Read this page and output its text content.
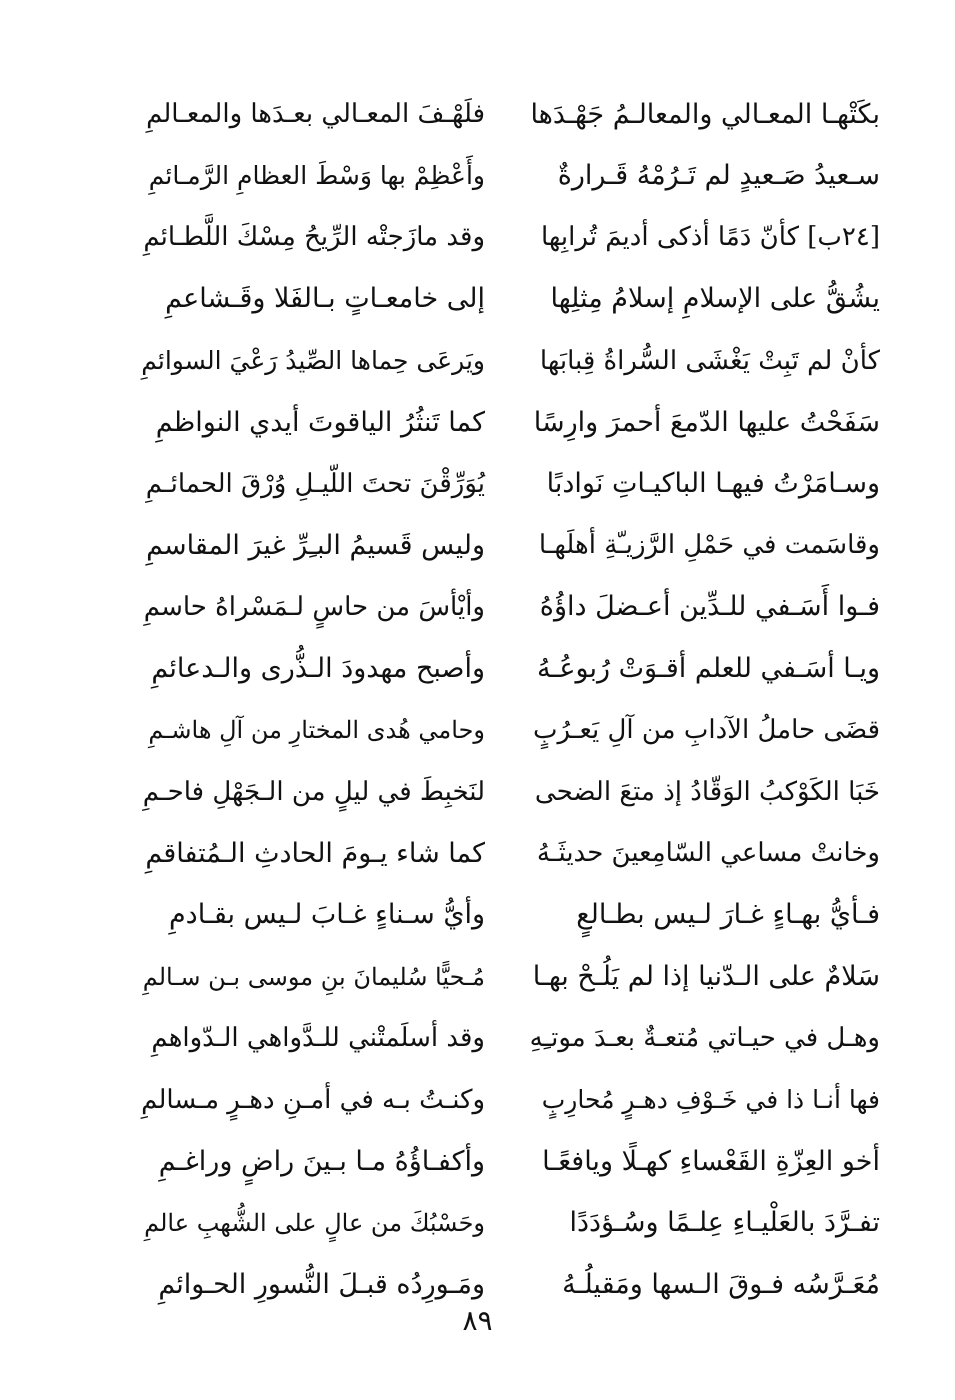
بكَتْهـا المعـالي والمعالـمُ جَهْـدَها
فلَهْـفَ المعـالي بعـدَها والمعـالمِ
سـعيدُ صَـعيدٍ لم تَـرُمْهُ قَـرارةٌ
وأَعْظِمْ بها وَسْطَ العظامِ الرَّمـائمِ
[٢٤ب] كأنّ دَمًا أذكى أديمَ تُرابِها
وقد مازَجتْه الرِّيحُ مِسْكَ اللَّطـائمِ
يشُقُّ على الإسلامِ إسلامُ مِثلِها
إلى خامعـاتٍ بـالفَلا وقَـشاعمِ
كأنْ لم تَبِتْ يَغْشَى السُّراةُ قِبابَها
ويَرعَى حِماها الصِّيدُ رَعْيَ السوائمِ
سَفَحْتُ عليها الدّمعَ أحمرَ وارِسًا
كما تَنثُرُ الياقوتَ أيدي النواظمِ
وسـامَرْتُ فيهـا الباكيـاتِ نَوادبًا
يُوَرِّقْنَ تحتَ اللّيـلِ وُرْقَ الحمائـمِ
وقاسَمت في حَمْلِ الرَّزيـّةِ أهلَهـا
وليس قَسيمُ البـِرِّ غيرَ المقاسمِ
فـوا أَسَـفي للـدِّين أعـضلَ داؤُهُ
وأيْأسَ من حاسٍ لـمَسْراهُ حاسمِ
ويـا أسَـفي للعلم أقـوَتْ رُبوعُـهُ
وأصبح مهدودَ الـذُّرى والـدعائمِ
قضَى حاملُ الآدابِ من آلِ يَعـرُبٍ
وحامي هُدى المختارِ من آلِ هاشـمِ
خَبَا الكَوْكبُ الوَقّادُ إذ متعَ الضحى
لنَخبِطَ في ليلٍ من الـجَهْلِ فاحـمِ
وخانتْ مساعي السّامِعينَ حديثَـهُ
كما شاء يـومَ الحادثِ الـمُتفاقمِ
فـأيُّ بهـاءٍ غـارَ لـيس بطـالعٍ
وأيُّ سـناءٍ غـابَ لـيس بقـادمِ
سَلامٌ على الـدّنيا إذا لم يَلُـحْ بهـا
مُـحيًّا سُليمانَ بنِ موسى بـن سـالمِ
وهـل في حيـاتي مُتعـةٌ بعـدَ موتـِهِ
وقد أسلَمتْني للـدَّواهي الـدّواهمِ
فها أنـا ذا في خَـوْفِ دهـرٍ مُحارِبٍ
وكنـتُ بـه في أمـنِ دهـرٍ مـسالمِ
أخو العِزّةِ القَعْساءِ كهـلًا ويافعًـا
وأكفـاؤُهُ مـا بـينَ راضٍ وراغـمِ
تفـرَّدَ بالعَلْيـاءِ عِلـمًا وسُـؤدَدًا
وحَسْبُكَ من عالٍ على الشُّهبِ عالمِ
مُعَـرَّسُه فـوقَ الـسها ومَقيلُـهُ
ومَـورِدُه قبـلَ النُّسورِ الحـوائمِ
٨٩
